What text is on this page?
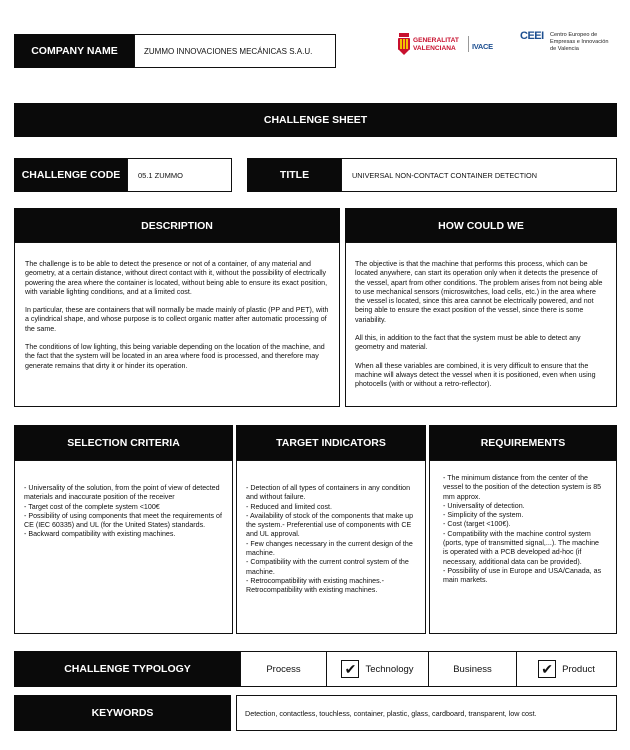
COMPANY NAME	ZUMMO INNOVACIONES MECÁNICAS S.A.U.
GENERALITAT
VALENCIANA	IVACE
CEEI	Centro Europeo de
Empresas e Innovación
de Valencia
CHALLENGE SHEET
CHALLENGE CODE	05.1 ZUMMO	TITLE	UNIVERSAL NON-CONTACT CONTAINER DETECTION
DESCRIPTION

The challenge is to be able to detect the presence or not of a container, of any material and geometry, at a certain distance, without direct contact with it, without the possibility of electrically powering the area where the container is located, without being able to ensure its exact position, with variable lighting conditions, and at a limited cost.

In particular, these are containers that will normally be made mainly of plastic (PP and PET), with a cylindrical shape, and whose purpose is to collect organic matter after automatic processing of the same.

The conditions of low lighting, this being variable depending on the location of the machine, and the fact that the system will be located in an area where food is processed, and therefore may generate remains that dirty it or hinder its operation.

HOW COULD WE

The objective is that the machine that performs this process, which can be located anywhere, can start its operation only when it detects the presence of the vessel, apart from other conditions. The problem arises from not being able to use mechanical sensors (microswitches, load cells, etc.) in the area where the vessel is located, since this area cannot be electrically powered, and not being able to ensure the exact position of the vessel, since there is some variability.

All this, in addition to the fact that the system must be able to detect any geometry and material.

When all these variables are combined, it is very difficult to ensure that the machine will always detect the vessel when it is positioned, even when using photocells (with or without a retro-reflector).

SELECTION CRITERIA
- Universality of the solution, from the point of view of detected materials and inaccurate position of the receiver
- Target cost of the complete system <100€
- Possibility of using components that meet the requirements of CE (IEC 60335) and UL (for the United States) standards.
- Backward compatibility with existing machines.
TARGET INDICATORS
- Detection of all types of containers in any condition and without failure.
- Reduced and limited cost.
- Availability of stock of the components that make up the system.- Preferential use of components with CE and UL approval.
- Few changes necessary in the current design of the machine.
- Compatibility with the current control system of the machine.
- Retrocompatibility with existing machines.- Retrocompatibility with existing machines.
REQUIREMENTS
- The minimum distance from the center of the vessel to the position of the detection system is 85 mm approx.
- Universality of detection.
- Simplicity of the system.
- Cost (target <100€).
- Compatibility with the machine control system (ports, type of transmitted signal,...). The machine is operated with a PCB developed ad-hoc (if necessary, additional data can be provided).
- Possibility of use in Europe and USA/Canada, as main markets.
CHALLENGE TYPOLOGY	Process	✔ Technology	Business	✔ Product
KEYWORDS	Detection, contactless, touchless, container, plastic, glass, cardboard, transparent, low cost.
